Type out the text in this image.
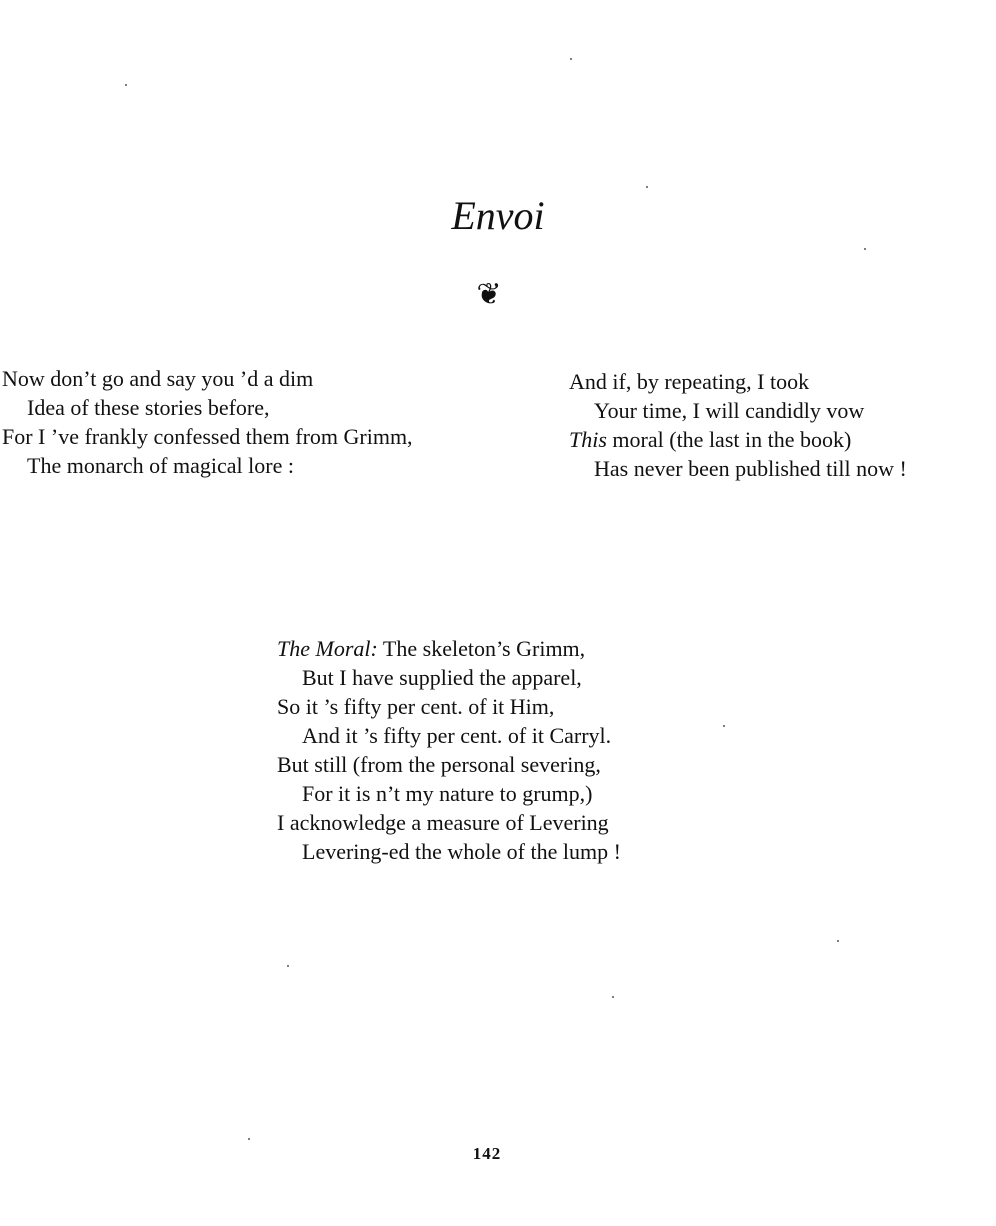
Envoi
❦
Now don’t go and say you ’d a dim
Idea of these stories before,
For I ’ve frankly confessed them from Grimm,
The monarch of magical lore :
And if, by repeating, I took
Your time, I will candidly vow
This moral (the last in the book)
Has never been published till now !
The Moral: The skeleton’s Grimm,
But I have supplied the apparel,
So it ’s fifty per cent. of it Him,
And it ’s fifty per cent. of it Carryl.
But still (from the personal severing,
For it is n’t my nature to grump,)
I acknowledge a measure of Levering
Levering-ed the whole of the lump !
142
